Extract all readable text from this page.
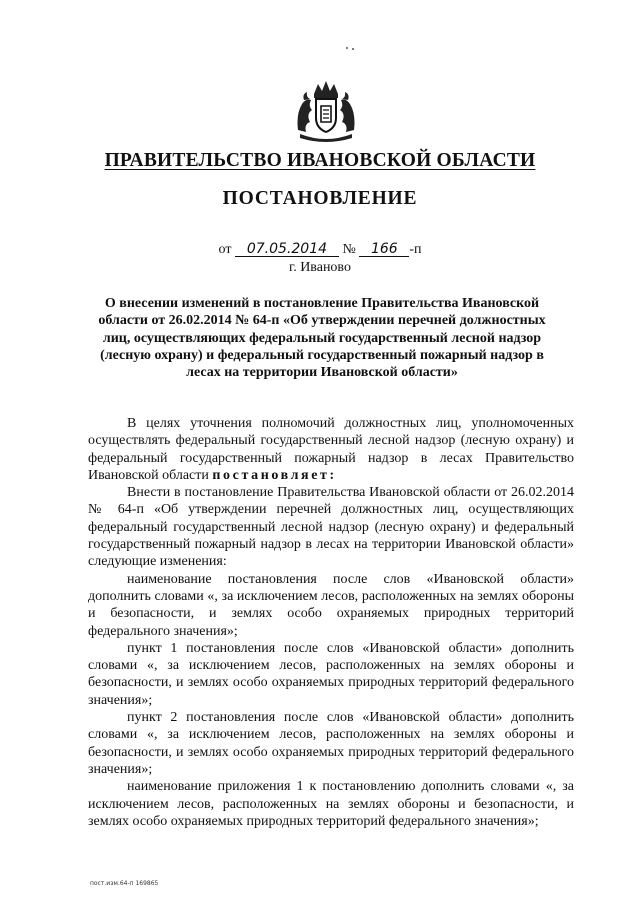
ПРАВИТЕЛЬСТВО ИВАНОВСКОЙ ОБЛАСТИ
ПОСТАНОВЛЕНИЕ
от 07.05.2014 № 166 -п
г. Иваново
О внесении изменений в постановление Правительства Ивановской области от 26.02.2014 № 64-п «Об утверждении перечней должностных лиц, осуществляющих федеральный государственный лесной надзор (лесную охрану) и федеральный государственный пожарный надзор в лесах на территории Ивановской области»

В целях уточнения полномочий должностных лиц, уполномоченных осуществлять федеральный государственный лесной надзор (лесную охрану) и федеральный государственный пожарный надзор в лесах Правительство Ивановской области постановляет:

Внести в постановление Правительства Ивановской области от 26.02.2014 № 64-п «Об утверждении перечней должностных лиц, осуществляющих федеральный государственный лесной надзор (лесную охрану) и федеральный государственный пожарный надзор в лесах на территории Ивановской области» следующие изменения:

наименование постановления после слов «Ивановской области» дополнить словами «, за исключением лесов, расположенных на землях обороны и безопасности, и землях особо охраняемых природных территорий федерального значения»;

пункт 1 постановления после слов «Ивановской области» дополнить словами «, за исключением лесов, расположенных на землях обороны и безопасности, и землях особо охраняемых природных территорий федерального значения»;

пункт 2 постановления после слов «Ивановской области» дополнить словами «, за исключением лесов, расположенных на землях обороны и безопасности, и землях особо охраняемых природных территорий федерального значения»;

наименование приложения 1 к постановлению дополнить словами «, за исключением лесов, расположенных на землях обороны и безопасности, и землях особо охраняемых природных территорий федерального значения»;

пост.изм.64-п 169865
